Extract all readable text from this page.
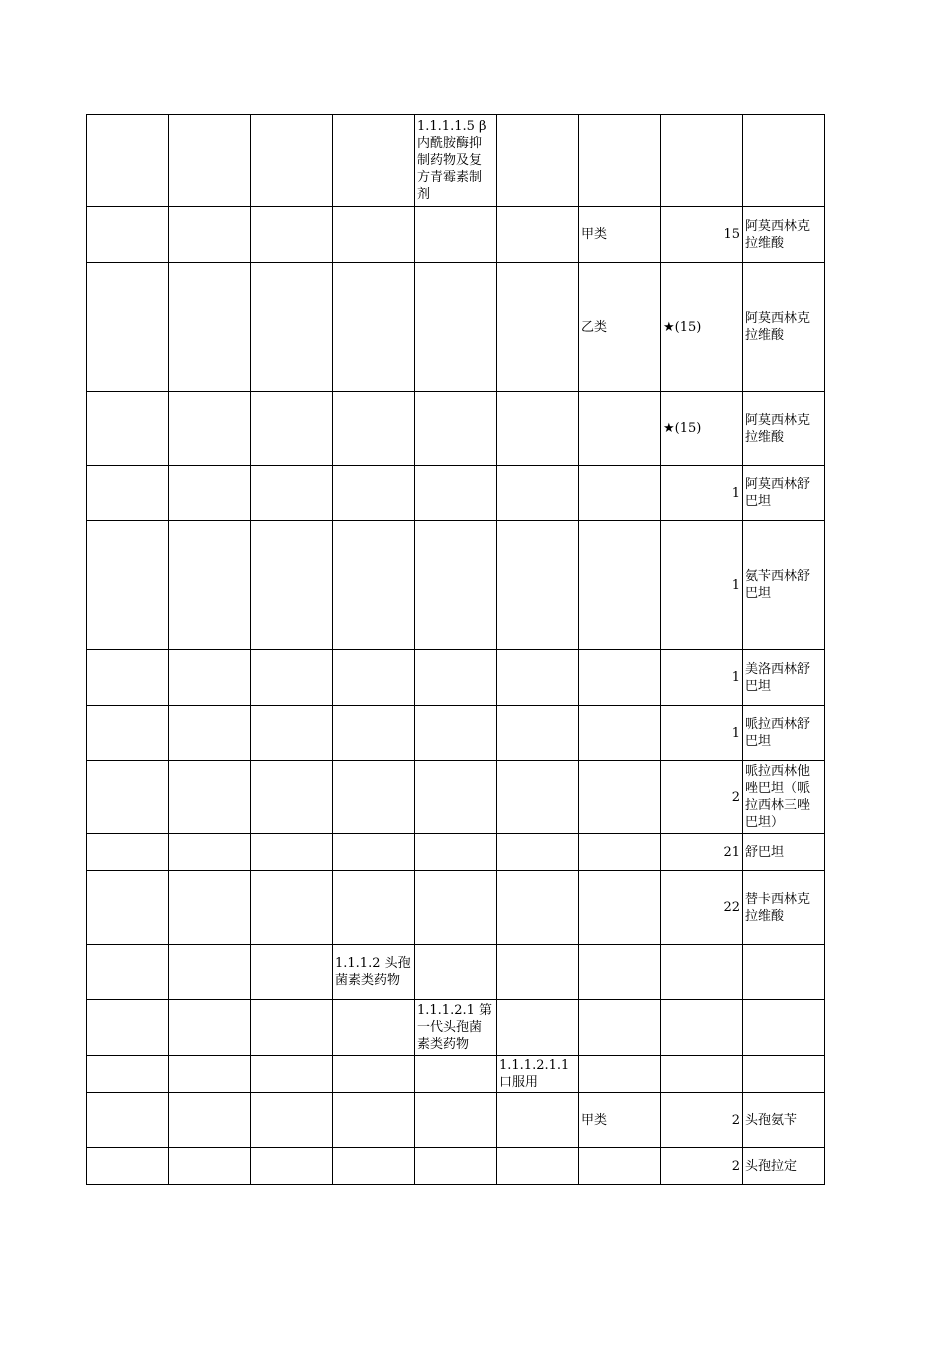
				1.1.1.1.5 β 内酰胺酶抑制药物及复方青霉素制剂				
						甲类	15	阿莫西林克拉维酸
						乙类	★(15)	阿莫西林克拉维酸
							★(15)	阿莫西林克拉维酸
							1	阿莫西林舒巴坦
							1	氨苄西林舒巴坦
							1	美洛西林舒巴坦
							1	哌拉西林舒巴坦
							2	哌拉西林他唑巴坦（哌拉西林三唑巴坦）
							21	舒巴坦
							22	替卡西林克拉维酸
			1.1.1.2 头孢菌素类药物					
				1.1.1.2.1 第一代头孢菌素类药物				
					1.1.1.2.1.1 口服用			
						甲类	2	头孢氨苄
							2	头孢拉定
